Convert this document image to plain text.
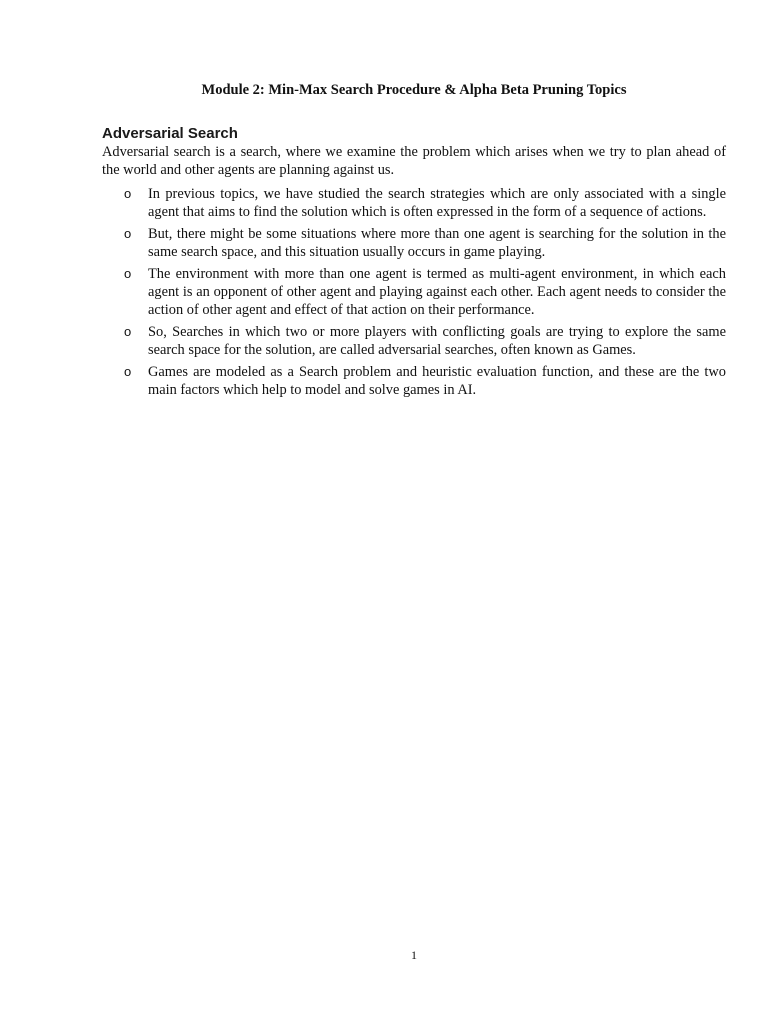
Module 2: Min-Max Search Procedure & Alpha Beta Pruning Topics
Adversarial Search

Adversarial search is a search, where we examine the problem which arises when we try to plan ahead of the world and other agents are planning against us.

o In previous topics, we have studied the search strategies which are only associated with a single agent that aims to find the solution which is often expressed in the form of a sequence of actions.
o But, there might be some situations where more than one agent is searching for the solution in the same search space, and this situation usually occurs in game playing.
o The environment with more than one agent is termed as multi-agent environment, in which each agent is an opponent of other agent and playing against each other. Each agent needs to consider the action of other agent and effect of that action on their performance.
o So, Searches in which two or more players with conflicting goals are trying to explore the same search space for the solution, are called adversarial searches, often known as Games.
o Games are modeled as a Search problem and heuristic evaluation function, and these are the two main factors which help to model and solve games in AI.

1
